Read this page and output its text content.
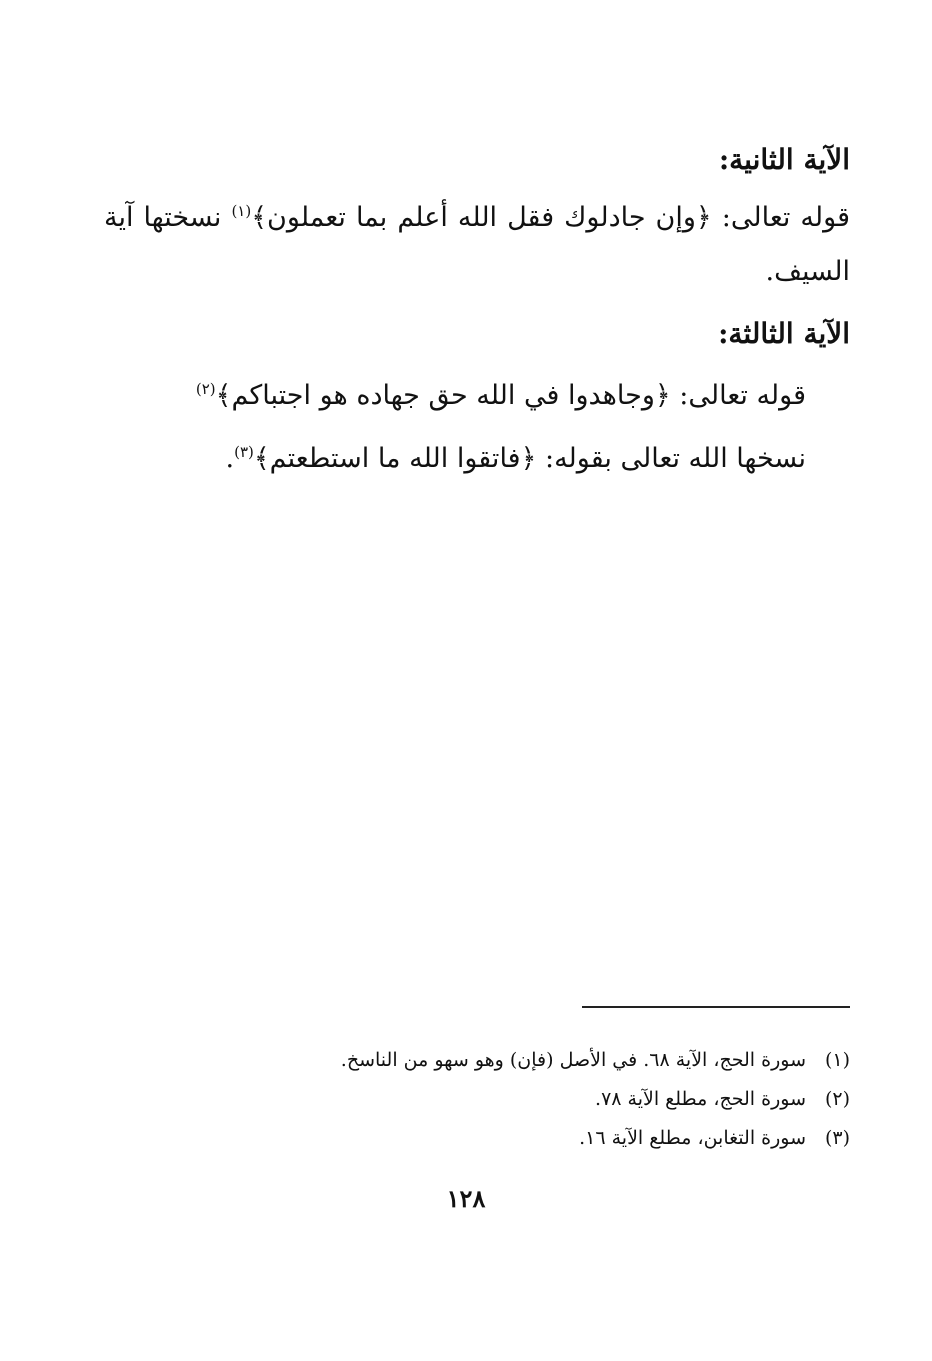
الآية الثانية:
قوله تعالى: ﴿وإن جادلوك فقل الله أعلم بما تعملون﴾$^{(١)}$ نسختها آية
السيف.
الآية الثالثة:
قوله تعالى: ﴿وجاهدوا في الله حق جهاده هو اجتباكم﴾$^{(٢)}$
نسخها الله تعالى بقوله: ﴿فاتقوا الله ما استطعتم﴾$^{(٣)}$.
(١)سورة الحج، الآية ٦٨. في الأصل (فإن) وهو سهو من الناسخ.
(٢)سورة الحج، مطلع الآية ٧٨.
(٣)سورة التغابن، مطلع الآية ١٦.
١٢٨
